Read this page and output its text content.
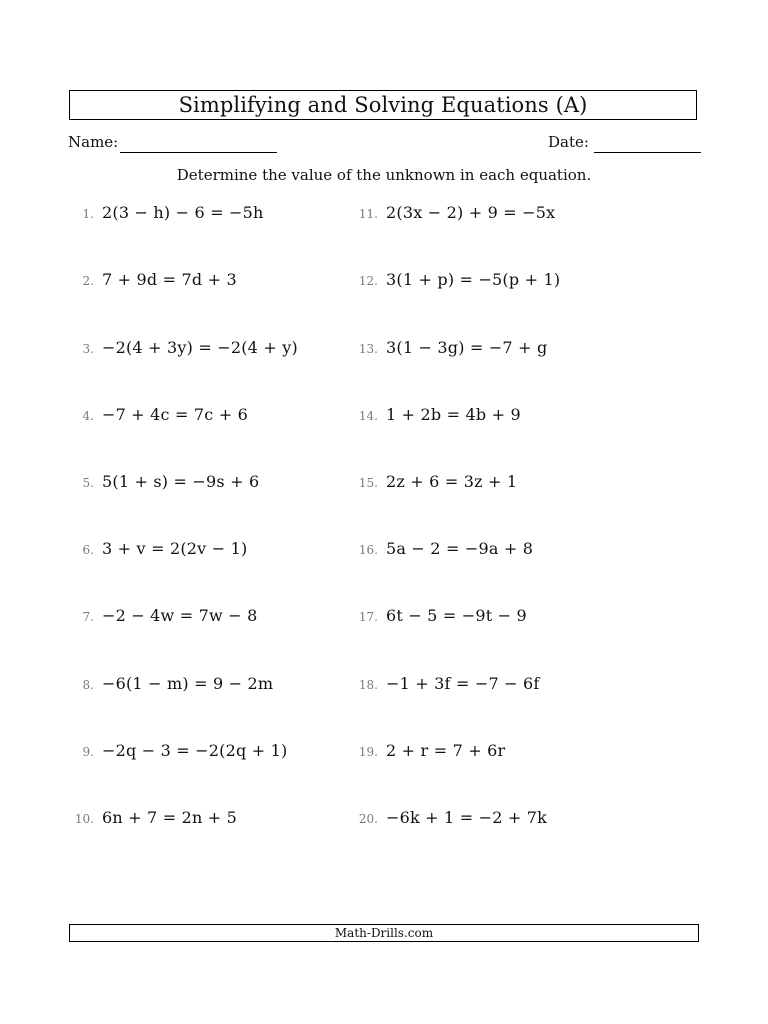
Simplifying and Solving Equations (A)
Name:	Date:
Determine the value of the unknown in each equation.
1. 2(3 − h) − 6 = −5h
2. 7 + 9d = 7d + 3
3. −2(4 + 3y) = −2(4 + y)
4. −7 + 4c = 7c + 6
5. 5(1 + s) = −9s + 6
6. 3 + v = 2(2v − 1)
7. −2 − 4w = 7w − 8
8. −6(1 − m) = 9 − 2m
9. −2q − 3 = −2(2q + 1)
10. 6n + 7 = 2n + 5
11. 2(3x − 2) + 9 = −5x
12. 3(1 + p) = −5(p + 1)
13. 3(1 − 3g) = −7 + g
14. 1 + 2b = 4b + 9
15. 2z + 6 = 3z + 1
16. 5a − 2 = −9a + 8
17. 6t − 5 = −9t − 9
18. −1 + 3f = −7 − 6f
19. 2 + r = 7 + 6r
20. −6k + 1 = −2 + 7k
Math-Drills.com
